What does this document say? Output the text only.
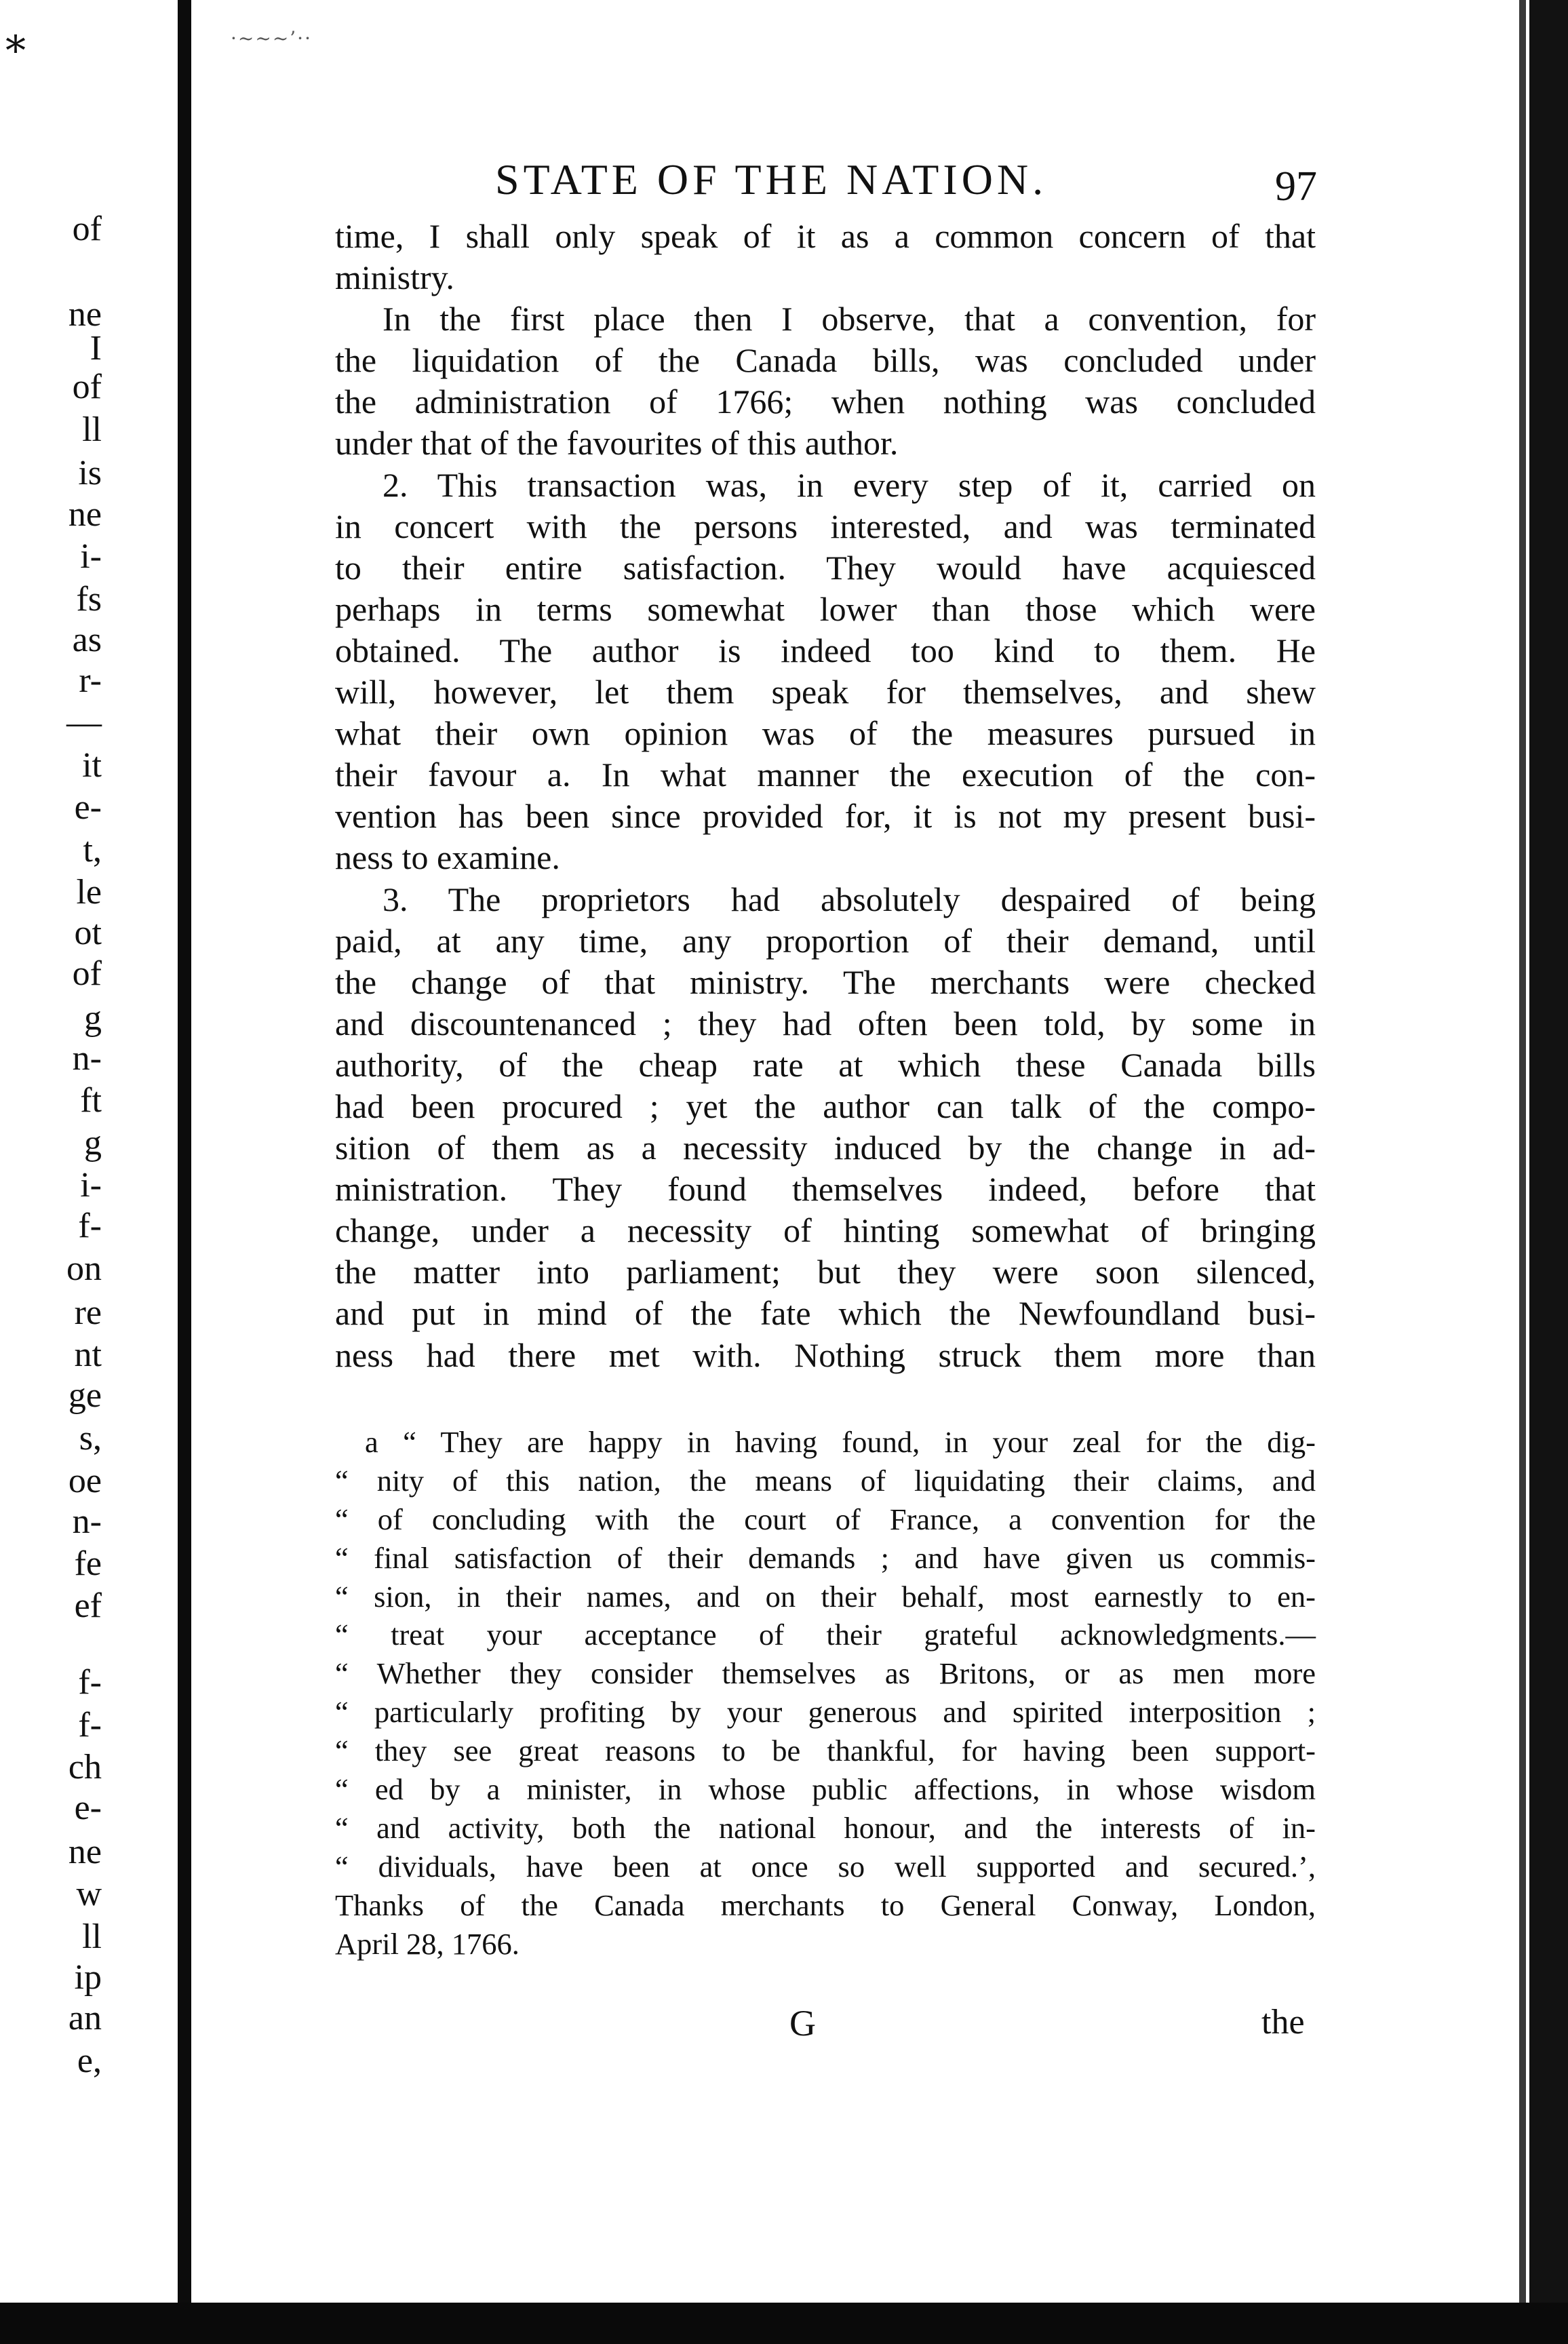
*	·~~~’··
of
ne
I
of
ll
is
ne
i-
fs
as
r-
—
it
e-
t,
le
ot
of
g
n-
ft
g
i-
f-
on
re
nt
ge
s,
oe
n-
fe
ef
f-
f-
ch
e-
ne
w
ll
ip
an
e,
STATE OF THE NATION.	97
time, I shall only speak of it as a common concern of that
ministry.
In the first place then I observe, that a convention, for
the liquidation of the Canada bills, was concluded under
the administration of 1766; when nothing was concluded
under that of the favourites of this author.
2. This transaction was, in every step of it, carried on
in concert with the persons interested, and was terminated
to their entire satisfaction. They would have acquiesced
perhaps in terms somewhat lower than those which were
obtained. The author is indeed too kind to them. He
will, however, let them speak for themselves, and shew
what their own opinion was of the measures pursued in
their favour a. In what manner the execution of the con-
vention has been since provided for, it is not my present busi-
ness to examine.
3. The proprietors had absolutely despaired of being
paid, at any time, any proportion of their demand, until
the change of that ministry. The merchants were checked
and discountenanced ; they had often been told, by some in
authority, of the cheap rate at which these Canada bills
had been procured ; yet the author can talk of the compo-
sition of them as a necessity induced by the change in ad-
ministration. They found themselves indeed, before that
change, under a necessity of hinting somewhat of bringing
the matter into parliament; but they were soon silenced,
and put in mind of the fate which the Newfoundland busi-
ness had there met with. Nothing struck them more than
a “ They are happy in having found, in your zeal for the dig-
“ nity of this nation, the means of liquidating their claims, and
“ of concluding with the court of France, a convention for the
“ final satisfaction of their demands ; and have given us commis-
“ sion, in their names, and on their behalf, most earnestly to en-
“ treat your acceptance of their grateful acknowledgments.—
“ Whether they consider themselves as Britons, or as men more
“ particularly profiting by your generous and spirited interposition ;
“ they see great reasons to be thankful, for having been support-
“ ed by a minister, in whose public affections, in whose wisdom
“ and activity, both the national honour, and the interests of in-
“ dividuals, have been at once so well supported and secured.’,
Thanks of the Canada merchants to General Conway, London,
April 28, 1766.
G	the
